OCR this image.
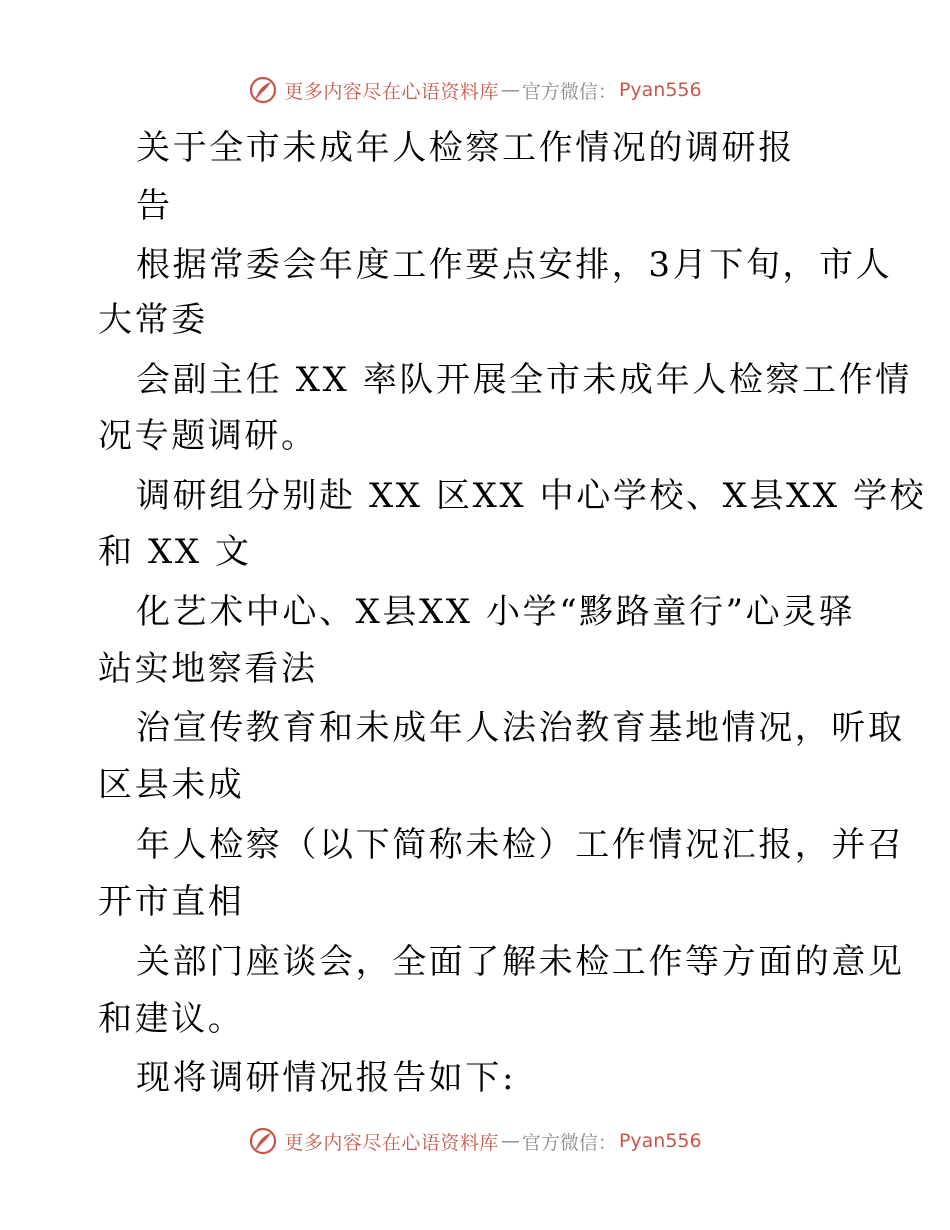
更多内容尽在心语资料库 — 官方微信： Pyan556
关于全市未成年人检察工作情况的调研报
告
根据常委会年度工作要点安排，3月下旬，市人
大常委
会副主任 XX 率队开展全市未成年人检察工作情
况专题调研。
调研组分别赴 XX 区XX 中心学校、X县XX 学校
和 XX 文
化艺术中心、X县XX 小学“黟路童行”心灵驿
站实地察看法
治宣传教育和未成年人法治教育基地情况，听取
区县未成
年人检察（以下简称未检）工作情况汇报，并召
开市直相
关部门座谈会，全面了解未检工作等方面的意见
和建议。
现将调研情况报告如下:
更多内容尽在心语资料库 — 官方微信： Pyan556
